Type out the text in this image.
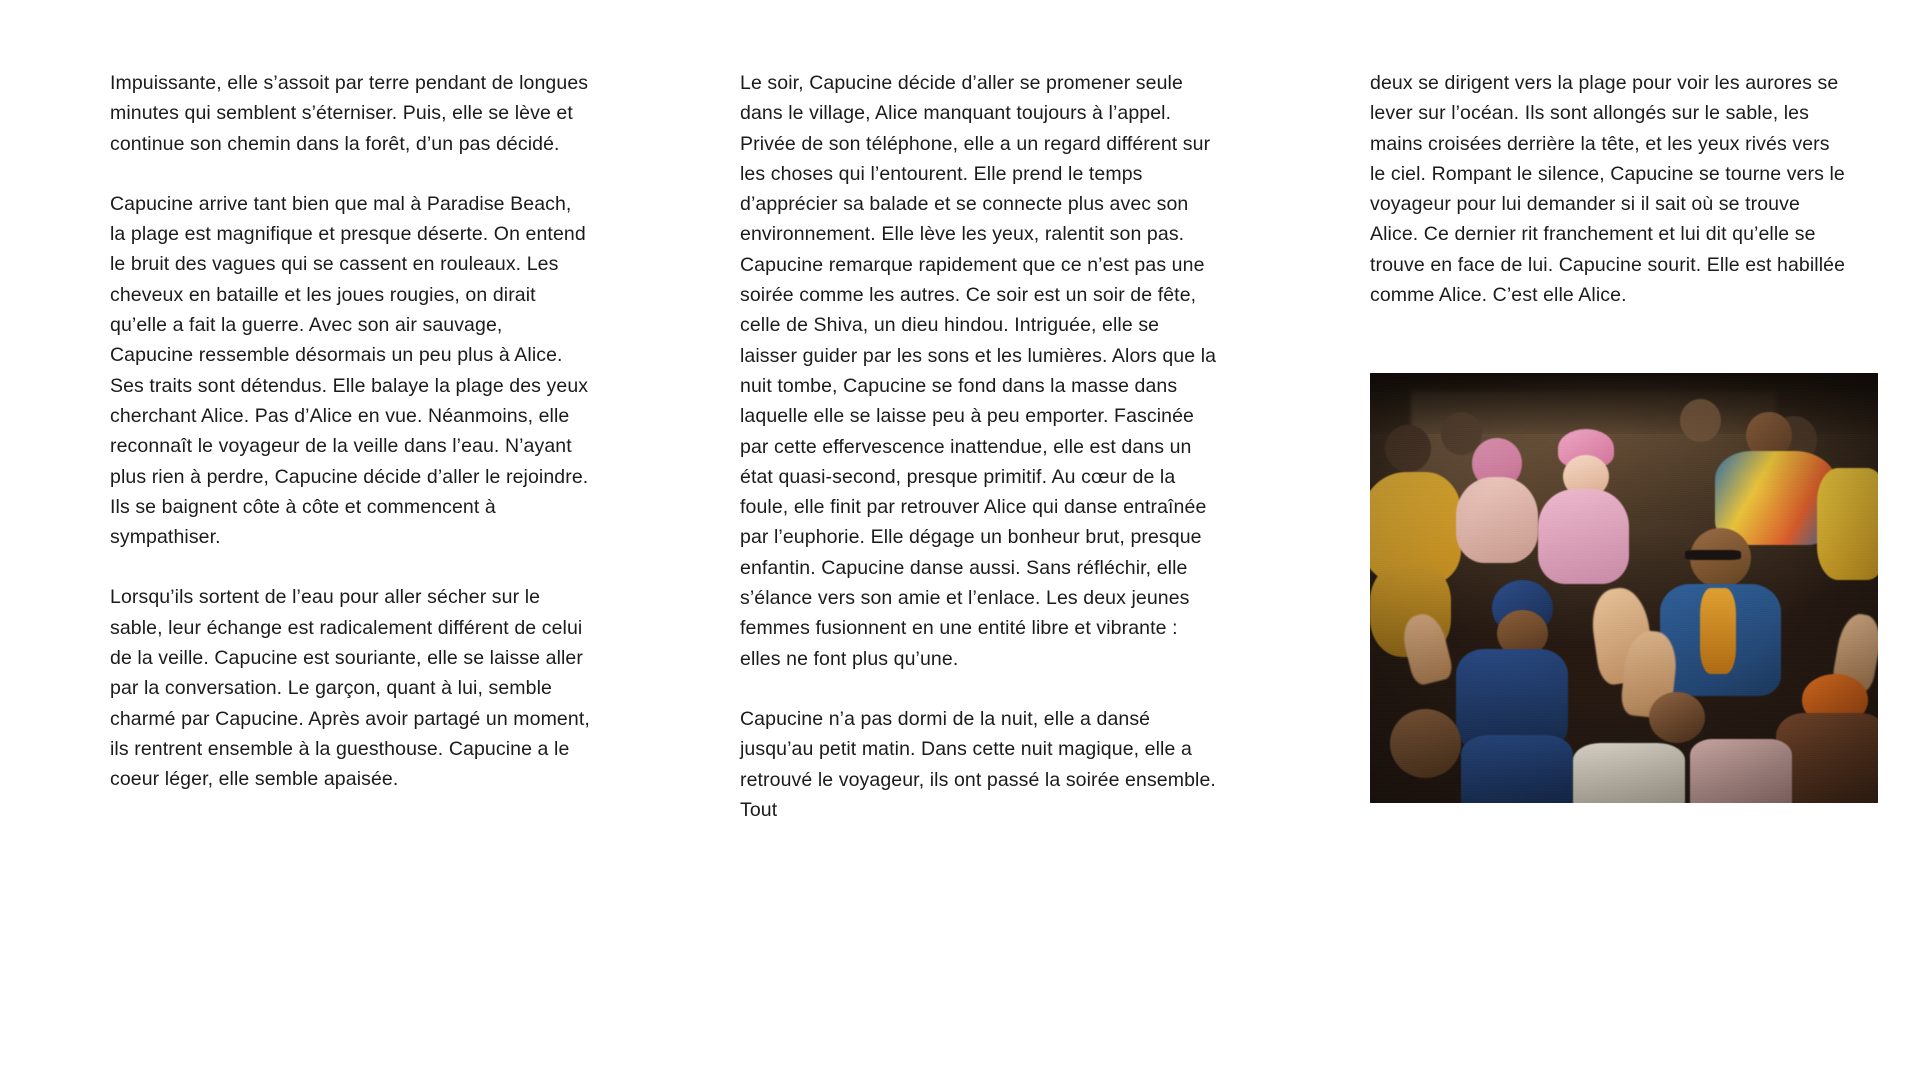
Impuissante, elle s’assoit par terre pendant de longues minutes qui semblent s’éterniser. Puis, elle se lève et continue son chemin dans la forêt, d’un pas décidé.

Capucine arrive tant bien que mal à Paradise Beach, la plage est magnifique et presque déserte. On entend le bruit des vagues qui se cassent en rouleaux. Les cheveux en bataille et les joues rougies, on dirait qu’elle a fait la guerre. Avec son air sauvage, Capucine ressemble désormais un peu plus à Alice. Ses traits sont détendus. Elle balaye la plage des yeux cherchant Alice. Pas d’Alice en vue. Néanmoins, elle reconnaît le voyageur de la veille dans l’eau. N’ayant plus rien à perdre, Capucine décide d’aller le rejoindre. Ils se baignent côte à côte et commencent à sympathiser.

Lorsqu’ils sortent de l’eau pour aller sécher sur le sable, leur échange est radicalement différent de celui de la veille. Capucine est souriante, elle se laisse aller par la conversation. Le garçon, quant à lui, semble charmé par Capucine. Après avoir partagé un moment, ils rentrent ensemble à la guesthouse. Capucine a le coeur léger, elle semble apaisée.

Le soir, Capucine décide d’aller se promener seule dans le village, Alice manquant toujours à l’appel. Privée de son téléphone, elle a un regard différent sur les choses qui l’entourent. Elle prend le temps d’apprécier sa balade et se connecte plus avec son environnement. Elle lève les yeux, ralentit son pas. Capucine remarque rapidement que ce n’est pas une soirée comme les autres. Ce soir est un soir de fête, celle de Shiva, un dieu hindou. Intriguée, elle se laisser guider par les sons et les lumières. Alors que la nuit tombe, Capucine se fond dans la masse dans laquelle elle se laisse peu à peu emporter. Fascinée par cette effervescence inattendue, elle est dans un état quasi-second, presque primitif. Au cœur de la foule, elle finit par retrouver Alice qui danse entraînée par l’euphorie. Elle dégage un bonheur brut, presque enfantin. Capucine danse aussi. Sans réfléchir, elle s’élance vers son amie et l’enlace. Les deux jeunes femmes fusionnent en une entité libre et vibrante : elles ne font plus qu’une.

Capucine n’a pas dormi de la nuit, elle a dansé jusqu’au petit matin. Dans cette nuit magique, elle a retrouvé le voyageur, ils ont passé la soirée ensemble. Tout

deux se dirigent vers la plage pour voir les aurores se lever sur l’océan. Ils sont allongés sur le sable, les mains croisées derrière la tête, et les yeux rivés vers le ciel. Rompant le silence, Capucine se tourne vers le voyageur pour lui demander si il sait où se trouve Alice. Ce dernier rit franchement et lui dit qu’elle se trouve en face de lui. Capucine sourit. Elle est habillée comme Alice. C’est elle Alice.
